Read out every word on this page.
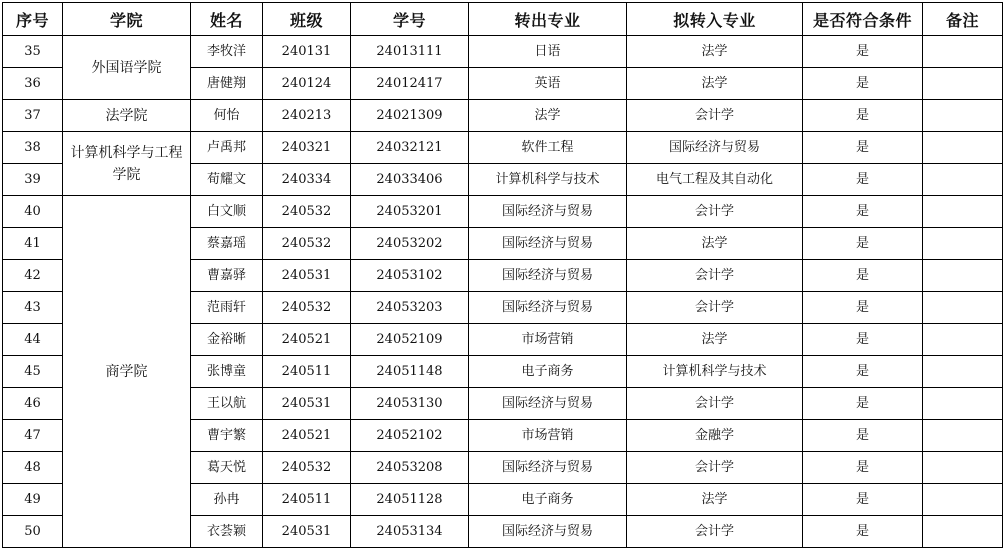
序号	学院	姓名	班级	学号	转出专业	拟转入专业	是否符合条件	备注
35	外国语学院	李牧洋	240131	24013111	日语	法学	是	
36		唐健翔	240124	24012417	英语	法学	是	
37	法学院	何怡	240213	24021309	法学	会计学	是	
38	计算机科学与工程学院	卢禹邦	240321	24032121	软件工程	国际经济与贸易	是	
39		荀耀文	240334	24033406	计算机科学与技术	电气工程及其自动化	是	
40	商学院	白文顺	240532	24053201	国际经济与贸易	会计学	是	
41		蔡嘉瑶	240532	24053202	国际经济与贸易	法学	是	
42		曹嘉驿	240531	24053102	国际经济与贸易	会计学	是	
43		范雨轩	240532	24053203	国际经济与贸易	会计学	是	
44		金裕晰	240521	24052109	市场营销	法学	是	
45		张博童	240511	24051148	电子商务	计算机科学与技术	是	
46		王以航	240531	24053130	国际经济与贸易	会计学	是	
47		曹宇繁	240521	24052102	市场营销	金融学	是	
48		葛天悦	240532	24053208	国际经济与贸易	会计学	是	
49		孙冉	240511	24051128	电子商务	法学	是	
50		衣荟颖	240531	24053134	国际经济与贸易	会计学	是	
